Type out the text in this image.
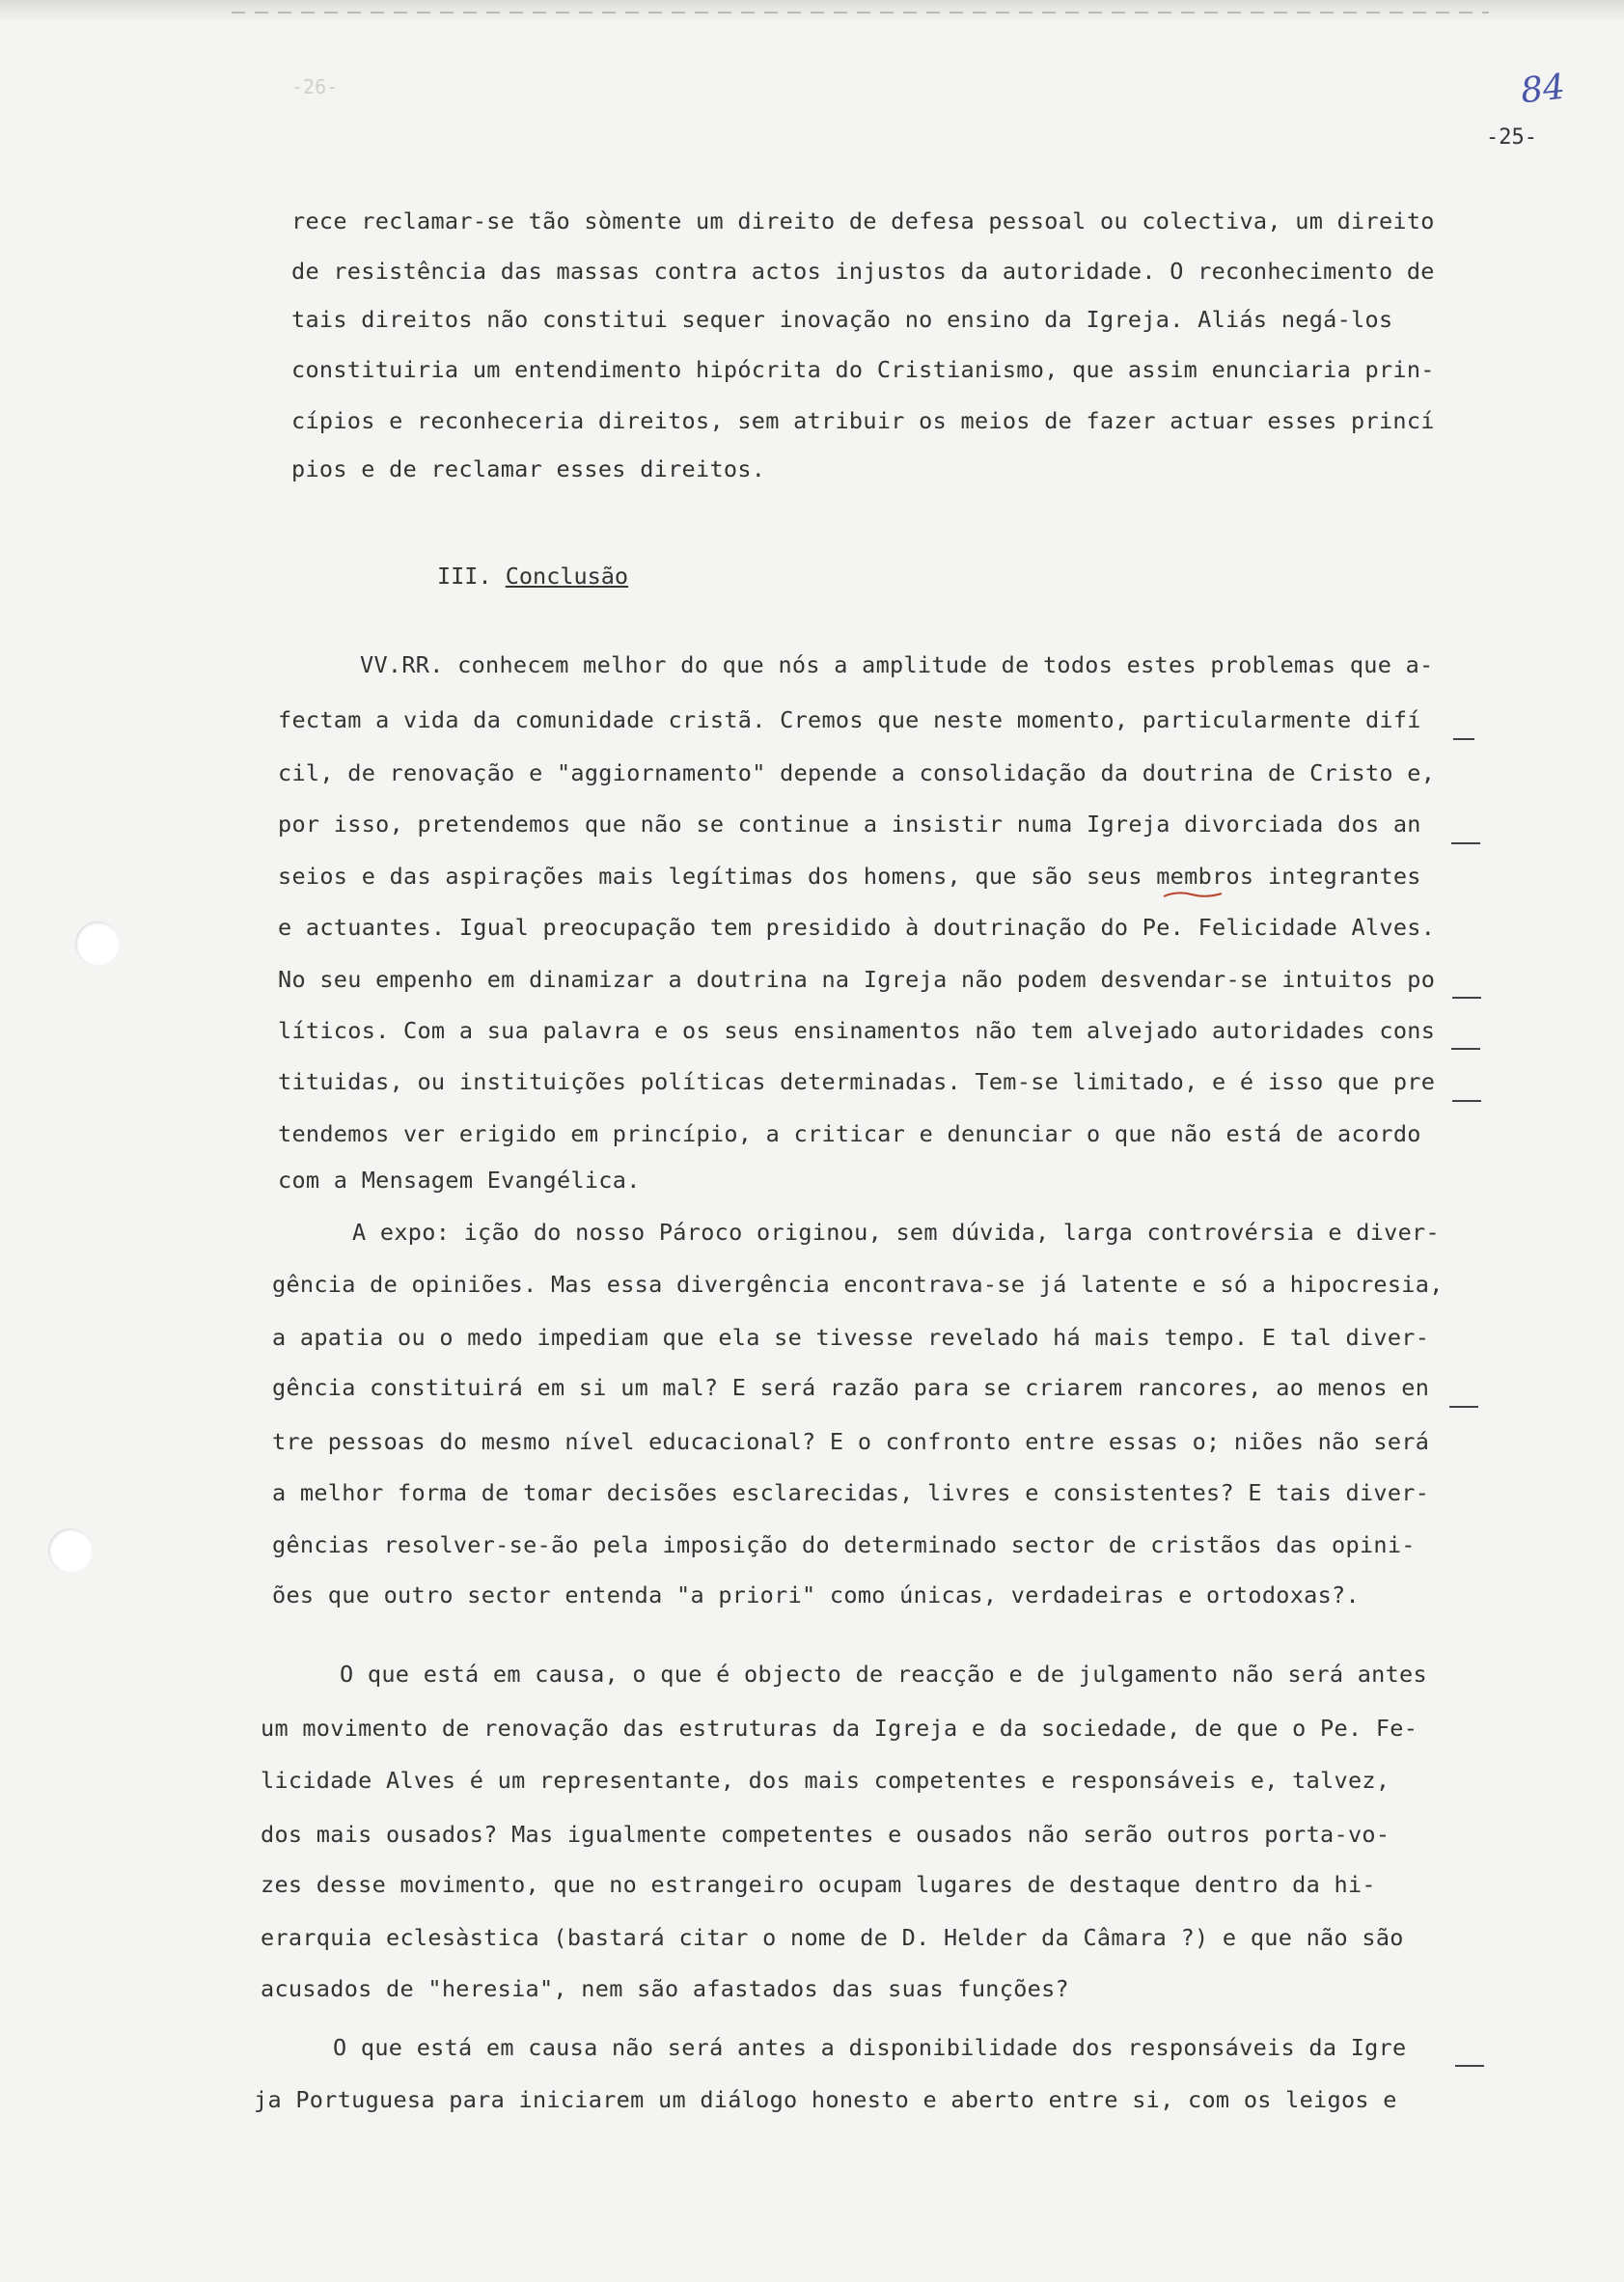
-26-	84
-25-
rece reclamar-se tão sòmente um direito de defesa pessoal ou colectiva, um direito
de resistência das massas contra actos injustos da autoridade. O reconhecimento de
tais direitos não constitui sequer inovação no ensino da Igreja. Aliás negá-los
constituiria um entendimento hipócrita do Cristianismo, que assim enunciaria prin-
cípios e reconheceria direitos, sem atribuir os meios de fazer actuar esses princí
pios e de reclamar esses direitos.
III. Conclusão
VV.RR. conhecem melhor do que nós a amplitude de todos estes problemas que a-
fectam a vida da comunidade cristã. Cremos que neste momento, particularmente difí
cil, de renovação e "aggiornamento" depende a consolidação da doutrina de Cristo e,
por isso, pretendemos que não se continue a insistir numa Igreja divorciada dos an
seios e das aspirações mais legítimas dos homens, que são seus membros integrantes
e actuantes. Igual preocupação tem presidido à doutrinação do Pe. Felicidade Alves.
No seu empenho em dinamizar a doutrina na Igreja não podem desvendar-se intuitos po
líticos. Com a sua palavra e os seus ensinamentos não tem alvejado autoridades cons
tituidas, ou instituições políticas determinadas. Tem-se limitado, e é isso que pre
tendemos ver erigido em princípio, a criticar e denunciar o que não está de acordo
com a Mensagem Evangélica.
A expo: ição do nosso Pároco originou, sem dúvida, larga controvérsia e diver-
gência de opiniões. Mas essa divergência encontrava-se já latente e só a hipocresia,
a apatia ou o medo impediam que ela se tivesse revelado há mais tempo. E tal diver-
gência constituirá em si um mal? E será razão para se criarem rancores, ao menos en
tre pessoas do mesmo nível educacional? E o confronto entre essas o; niões não será
a melhor forma de tomar decisões esclarecidas, livres e consistentes? E tais diver-
gências resolver-se-ão pela imposição do determinado sector de cristãos das opini-
ões que outro sector entenda "a priori" como únicas, verdadeiras e ortodoxas?.
O que está em causa, o que é objecto de reacção e de julgamento não será antes
um movimento de renovação das estruturas da Igreja e da sociedade, de que o Pe. Fe-
licidade Alves é um representante, dos mais competentes e responsáveis e, talvez,
dos mais ousados? Mas igualmente competentes e ousados não serão outros porta-vo-
zes desse movimento, que no estrangeiro ocupam lugares de destaque dentro da hi-
erarquia eclesàstica (bastará citar o nome de D. Helder da Câmara ?) e que não são
acusados de "heresia", nem são afastados das suas funções?
O que está em causa não será antes a disponibilidade dos responsáveis da Igre
ja Portuguesa para iniciarem um diálogo honesto e aberto entre si, com os leigos e
